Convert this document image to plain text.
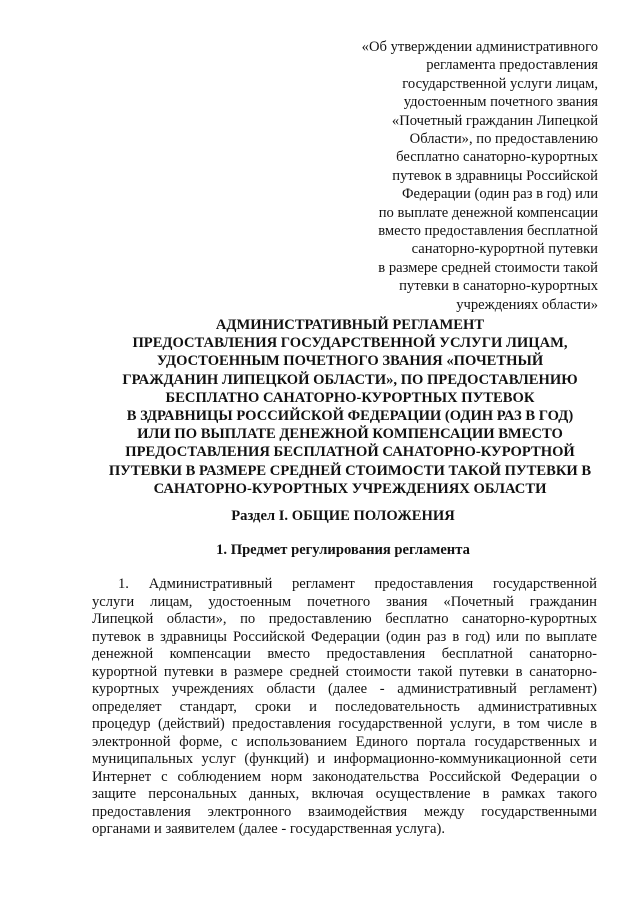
«Об утверждении административного
регламента предоставления
государственной услуги лицам,
удостоенным почетного звания
«Почетный гражданин Липецкой
Области», по предоставлению
бесплатно санаторно-курортных
путевок в здравницы Российской
Федерации (один раз в год) или
по выплате денежной компенсации
вместо предоставления бесплатной
санаторно-курортной путевки
в размере средней стоимости такой
путевки в санаторно-курортных
учреждениях области»
АДМИНИСТРАТИВНЫЙ РЕГЛАМЕНТ
ПРЕДОСТАВЛЕНИЯ ГОСУДАРСТВЕННОЙ УСЛУГИ ЛИЦАМ,
УДОСТОЕННЫМ ПОЧЕТНОГО ЗВАНИЯ «ПОЧЕТНЫЙ
ГРАЖДАНИН ЛИПЕЦКОЙ ОБЛАСТИ», ПО ПРЕДОСТАВЛЕНИЮ
БЕСПЛАТНО САНАТОРНО-КУРОРТНЫХ ПУТЕВОК
В ЗДРАВНИЦЫ РОССИЙСКОЙ ФЕДЕРАЦИИ (ОДИН РАЗ В ГОД)
ИЛИ ПО ВЫПЛАТЕ ДЕНЕЖНОЙ КОМПЕНСАЦИИ ВМЕСТО
ПРЕДОСТАВЛЕНИЯ БЕСПЛАТНОЙ САНАТОРНО-КУРОРТНОЙ
ПУТЕВКИ В РАЗМЕРЕ СРЕДНЕЙ СТОИМОСТИ ТАКОЙ ПУТЕВКИ В
САНАТОРНО-КУРОРТНЫХ УЧРЕЖДЕНИЯХ ОБЛАСТИ
Раздел I. ОБЩИЕ ПОЛОЖЕНИЯ
1. Предмет регулирования регламента
1. Административный регламент предоставления государственной
услуги лицам, удостоенным почетного звания «Почетный гражданин
Липецкой области», по предоставлению бесплатно санаторно-курортных
путевок в здравницы Российской Федерации (один раз в год) или по выплате
денежной компенсации вместо предоставления бесплатной санаторно-
курортной путевки в размере средней стоимости такой путевки в санаторно-
курортных учреждениях области (далее - административный регламент)
определяет стандарт, сроки и последовательность административных
процедур (действий) предоставления государственной услуги, в том числе в
электронной форме, с использованием Единого портала государственных и
муниципальных услуг (функций) и информационно-коммуникационной сети
Интернет с соблюдением норм законодательства Российской Федерации о
защите персональных данных, включая осуществление в рамках такого
предоставления электронного взаимодействия между государственными
органами и заявителем (далее - государственная услуга).
